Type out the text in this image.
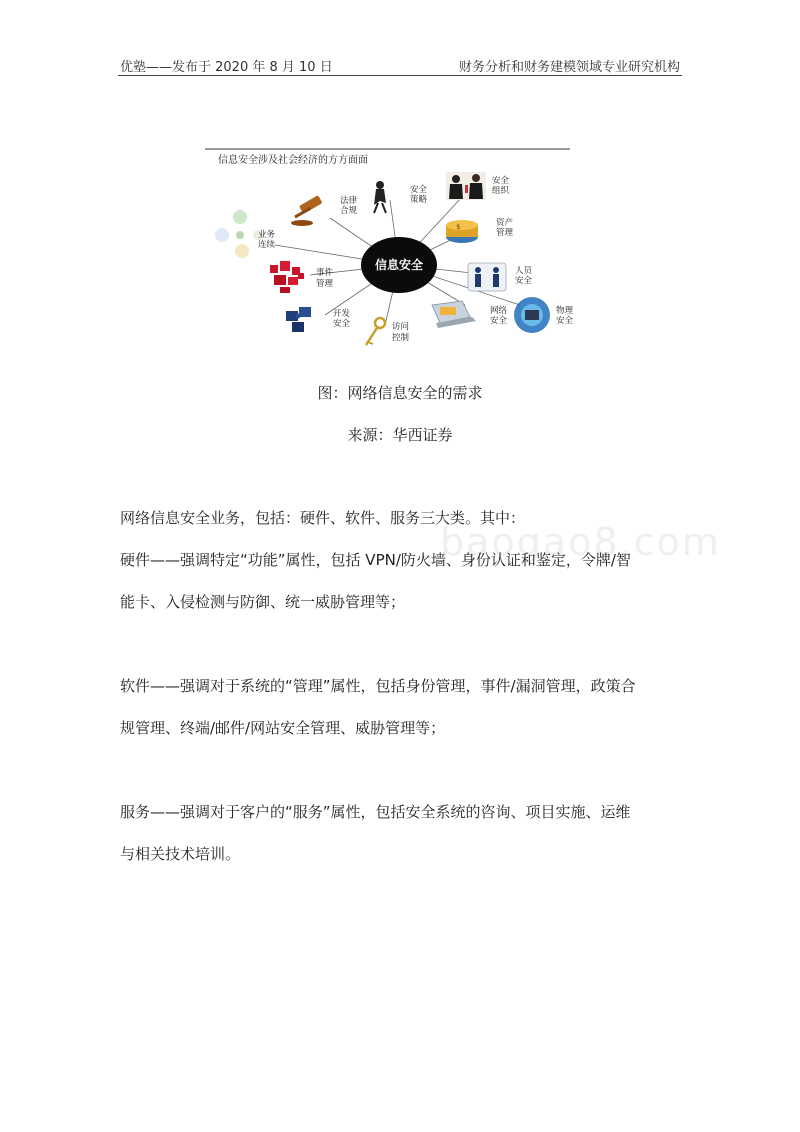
优塾——发布于 2020 年 8 月 10 日	财务分析和财务建模领域专业研究机构
信息安全涉及社会经济的方方面面
信息安全
法律
合规
安全
策略
安全
组织
$	资产
管理
人员
安全
物理
安全
网络
安全
访问
控制
开发
安全
事件
管理
业务
连续
图：网络信息安全的需求
来源：华西证券
baogao8.com
网络信息安全业务，包括：硬件、软件、服务三大类。其中：
硬件——强调特定“功能”属性，包括 VPN/防火墙、身份认证和鉴定，令牌/智
能卡、入侵检测与防御、统一威胁管理等；
软件——强调对于系统的“管理”属性，包括身份管理，事件/漏洞管理，政策合
规管理、终端/邮件/网站安全管理、威胁管理等；
服务——强调对于客户的“服务”属性，包括安全系统的咨询、项目实施、运维
与相关技术培训。
